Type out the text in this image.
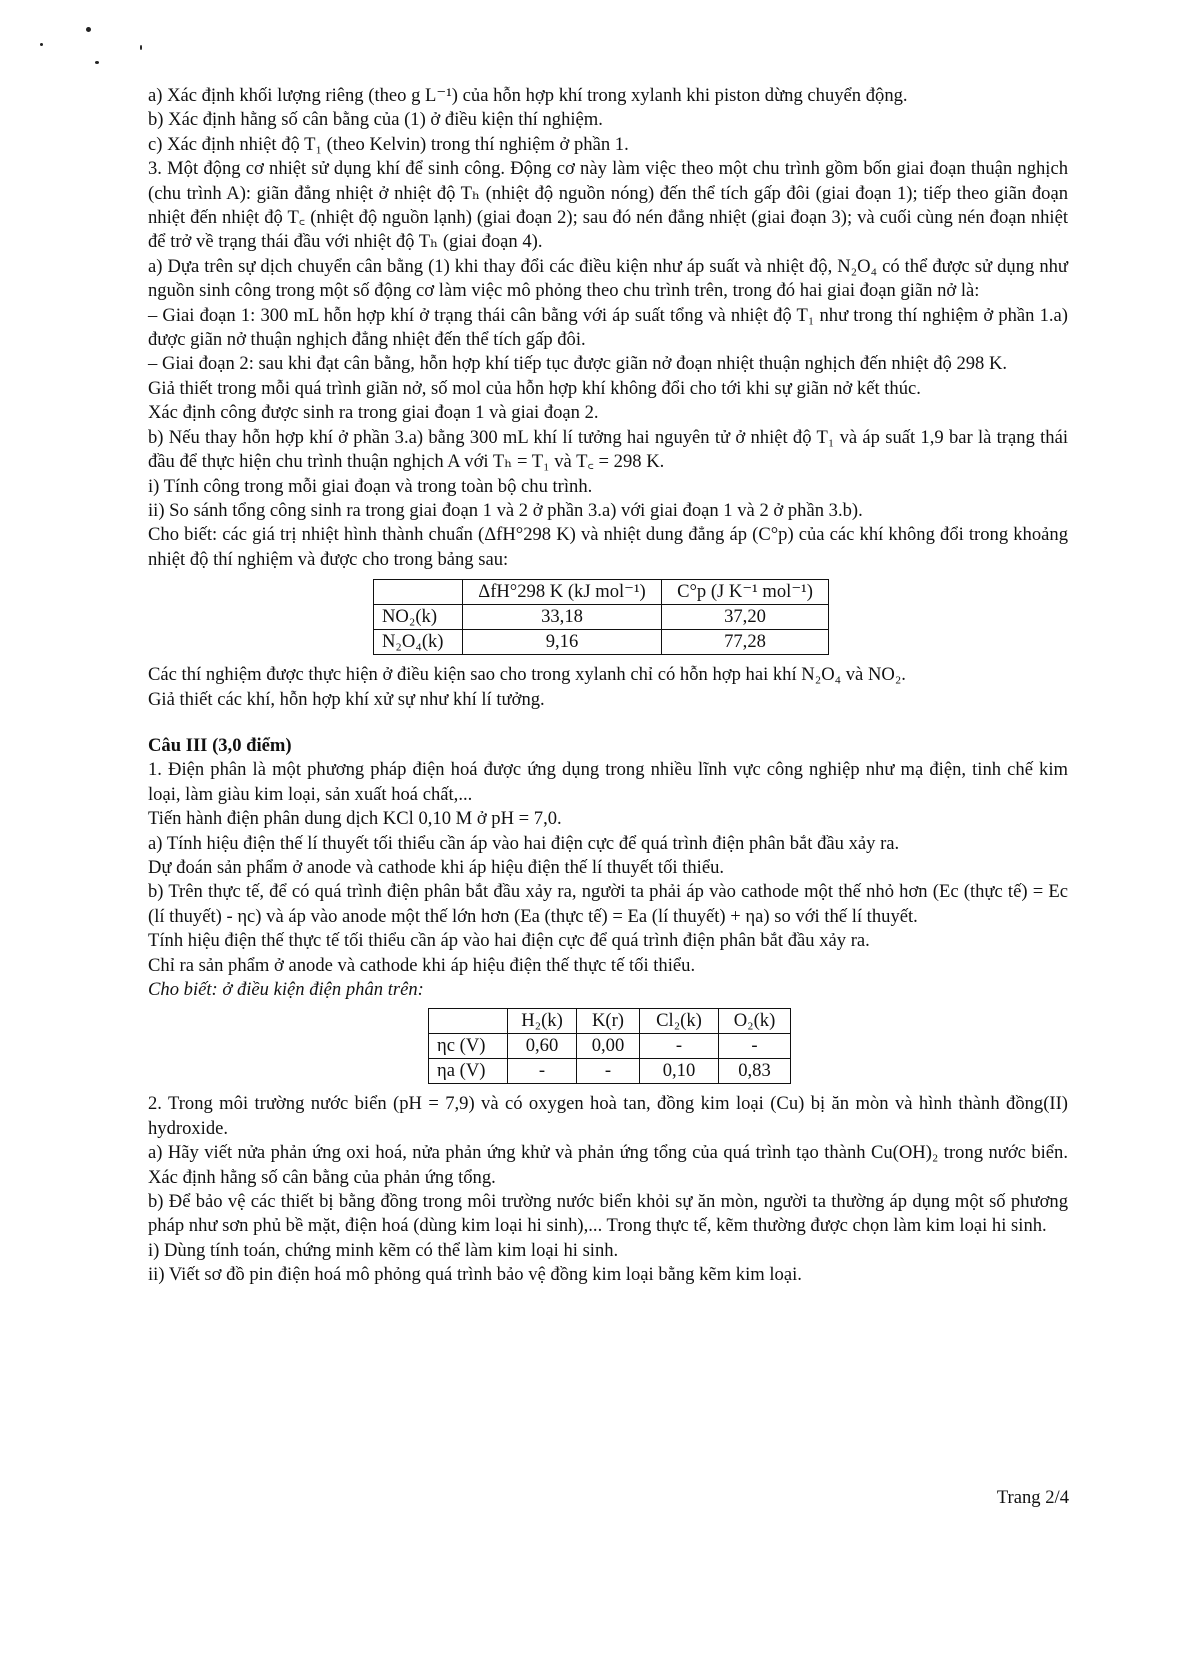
a) Xác định khối lượng riêng (theo g L⁻¹) của hỗn hợp khí trong xylanh khi piston dừng chuyển động.

b) Xác định hằng số cân bằng của (1) ở điều kiện thí nghiệm.

c) Xác định nhiệt độ T₁ (theo Kelvin) trong thí nghiệm ở phần 1.

3. Một động cơ nhiệt sử dụng khí để sinh công. Động cơ này làm việc theo một chu trình gồm bốn giai đoạn thuận nghịch (chu trình A): giãn đẳng nhiệt ở nhiệt độ Tₕ (nhiệt độ nguồn nóng) đến thể tích gấp đôi (giai đoạn 1); tiếp theo giãn đoạn nhiệt đến nhiệt độ T꜀ (nhiệt độ nguồn lạnh) (giai đoạn 2); sau đó nén đẳng nhiệt (giai đoạn 3); và cuối cùng nén đoạn nhiệt để trở về trạng thái đầu với nhiệt độ Tₕ (giai đoạn 4).

a) Dựa trên sự dịch chuyển cân bằng (1) khi thay đổi các điều kiện như áp suất và nhiệt độ, N₂O₄ có thể được sử dụng như nguồn sinh công trong một số động cơ làm việc mô phỏng theo chu trình trên, trong đó hai giai đoạn giãn nở là:

– Giai đoạn 1: 300 mL hỗn hợp khí ở trạng thái cân bằng với áp suất tổng và nhiệt độ T₁ như trong thí nghiệm ở phần 1.a) được giãn nở thuận nghịch đẳng nhiệt đến thể tích gấp đôi.

– Giai đoạn 2: sau khi đạt cân bằng, hỗn hợp khí tiếp tục được giãn nở đoạn nhiệt thuận nghịch đến nhiệt độ 298 K.

Giả thiết trong mỗi quá trình giãn nở, số mol của hỗn hợp khí không đổi cho tới khi sự giãn nở kết thúc.

Xác định công được sinh ra trong giai đoạn 1 và giai đoạn 2.

b) Nếu thay hỗn hợp khí ở phần 3.a) bằng 300 mL khí lí tưởng hai nguyên tử ở nhiệt độ T₁ và áp suất 1,9 bar là trạng thái đầu để thực hiện chu trình thuận nghịch A với Tₕ = T₁ và T꜀ = 298 K.

i) Tính công trong mỗi giai đoạn và trong toàn bộ chu trình.

ii) So sánh tổng công sinh ra trong giai đoạn 1 và 2 ở phần 3.a) với giai đoạn 1 và 2 ở phần 3.b).

Cho biết: các giá trị nhiệt hình thành chuẩn (ΔfH°298 K) và nhiệt dung đẳng áp (C°p) của các khí không đổi trong khoảng nhiệt độ thí nghiệm và được cho trong bảng sau:

	ΔfH°298 K (kJ mol⁻¹)	C°p (J K⁻¹ mol⁻¹)
NO₂(k)	33,18	37,20
N₂O₄(k)	9,16	77,28

Các thí nghiệm được thực hiện ở điều kiện sao cho trong xylanh chỉ có hỗn hợp hai khí N₂O₄ và NO₂.

Giả thiết các khí, hỗn hợp khí xử sự như khí lí tưởng.

Câu III (3,0 điểm)

1. Điện phân là một phương pháp điện hoá được ứng dụng trong nhiều lĩnh vực công nghiệp như mạ điện, tinh chế kim loại, làm giàu kim loại, sản xuất hoá chất,...

Tiến hành điện phân dung dịch KCl 0,10 M ở pH = 7,0.

a) Tính hiệu điện thế lí thuyết tối thiểu cần áp vào hai điện cực để quá trình điện phân bắt đầu xảy ra.

Dự đoán sản phẩm ở anode và cathode khi áp hiệu điện thế lí thuyết tối thiểu.

b) Trên thực tế, để có quá trình điện phân bắt đầu xảy ra, người ta phải áp vào cathode một thế nhỏ hơn (Ec (thực tế) = Ec (lí thuyết) - ηc) và áp vào anode một thế lớn hơn (Ea (thực tế) = Ea (lí thuyết) + ηa) so với thế lí thuyết.

Tính hiệu điện thế thực tế tối thiểu cần áp vào hai điện cực để quá trình điện phân bắt đầu xảy ra.

Chỉ ra sản phẩm ở anode và cathode khi áp hiệu điện thế thực tế tối thiểu.

Cho biết: ở điều kiện điện phân trên:

	H₂(k)	K(r)	Cl₂(k)	O₂(k)
ηc (V)	0,60	0,00	-	-
ηa (V)	-	-	0,10	0,83

2. Trong môi trường nước biển (pH = 7,9) và có oxygen hoà tan, đồng kim loại (Cu) bị ăn mòn và hình thành đồng(II) hydroxide.

a) Hãy viết nửa phản ứng oxi hoá, nửa phản ứng khử và phản ứng tổng của quá trình tạo thành Cu(OH)₂ trong nước biển. Xác định hằng số cân bằng của phản ứng tổng.

b) Để bảo vệ các thiết bị bằng đồng trong môi trường nước biển khỏi sự ăn mòn, người ta thường áp dụng một số phương pháp như sơn phủ bề mặt, điện hoá (dùng kim loại hi sinh),... Trong thực tế, kẽm thường được chọn làm kim loại hi sinh.

i) Dùng tính toán, chứng minh kẽm có thể làm kim loại hi sinh.

ii) Viết sơ đồ pin điện hoá mô phỏng quá trình bảo vệ đồng kim loại bằng kẽm kim loại.

Trang 2/4
